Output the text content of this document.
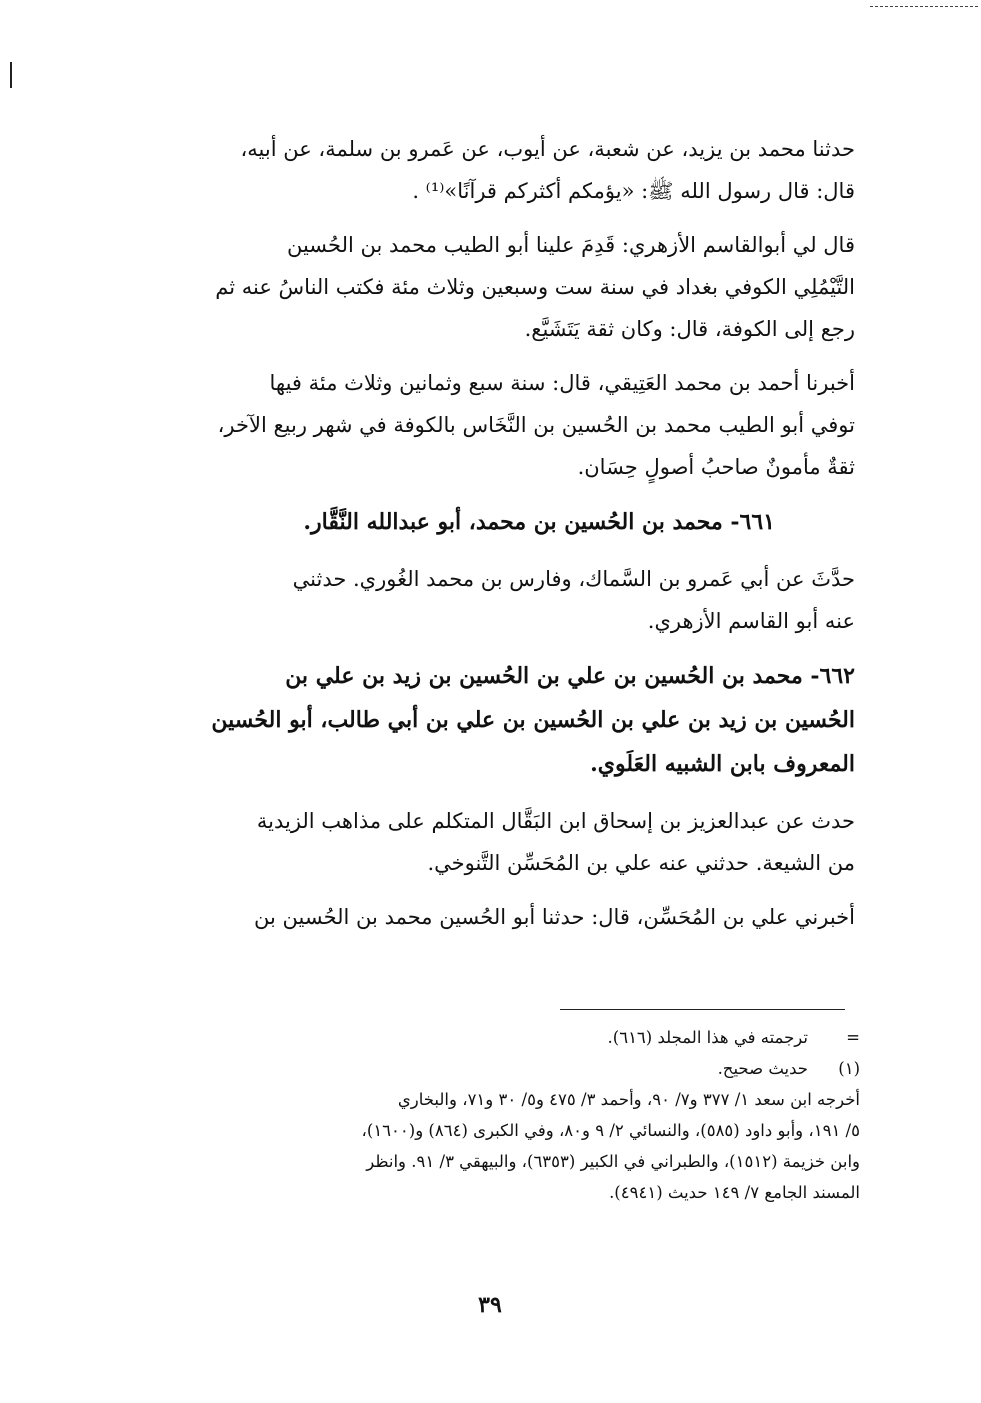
حدثنا محمد بن يزيد، عن شعبة، عن أيوب، عن عَمرو بن سلمة، عن أبيه،

قال: قال رسول الله ﷺ: «يؤمكم أكثركم قرآنًا»⁽¹⁾ .

قال لي أبوالقاسم الأزهري: قَدِمَ علينا أبو الطيب محمد بن الحُسين

التَّيْمُلِي الكوفي بغداد في سنة ست وسبعين وثلاث مئة فكتب الناسُ عنه ثم

رجع إلى الكوفة، قال: وكان ثقة يَتَشَيَّع.

أخبرنا أحمد بن محمد العَتِيقي، قال: سنة سبع وثمانين وثلاث مئة فيها

توفي أبو الطيب محمد بن الحُسين بن النَّخَاس بالكوفة في شهر ربيع الآخر،

ثقةٌ مأمونٌ صاحبُ أصولٍ حِسَان.

٦٦١- محمد بن الحُسين بن محمد، أبو عبدالله النَّقَّار.

حدَّثَ عن أبي عَمرو بن السَّماك، وفارس بن محمد الغُوري. حدثني

عنه أبو القاسم الأزهري.

٦٦٢- محمد بن الحُسين بن علي بن الحُسين بن زيد بن علي بن
الحُسين بن زيد بن علي بن الحُسين بن علي بن أبي طالب، أبو الحُسين
المعروف بابن الشبيه العَلَوي.

حدث عن عبدالعزيز بن إسحاق ابن البَقَّال المتكلم على مذاهب الزيدية

من الشيعة. حدثني عنه علي بن المُحَسِّن التَّنوخي.

أخبرني علي بن المُحَسِّن، قال: حدثنا أبو الحُسين محمد بن الحُسين بن

=
ترجمته في هذا المجلد (٦١٦).
(١)
حديث صحيح.

أخرجه ابن سعد ١/ ٣٧٧ و٧/ ٩٠، وأحمد ٣/ ٤٧٥ و٥/ ٣٠ و٧١، والبخاري

٥/ ١٩١، وأبو داود (٥٨٥)، والنسائي ٢/ ٩ و٨٠، وفي الكبرى (٨٦٤) و(١٦٠٠)،

وابن خزيمة (١٥١٢)، والطبراني في الكبير (٦٣٥٣)، والبيهقي ٣/ ٩١. وانظر

المسند الجامع ٧/ ١٤٩ حديث (٤٩٤١).

٣٩
